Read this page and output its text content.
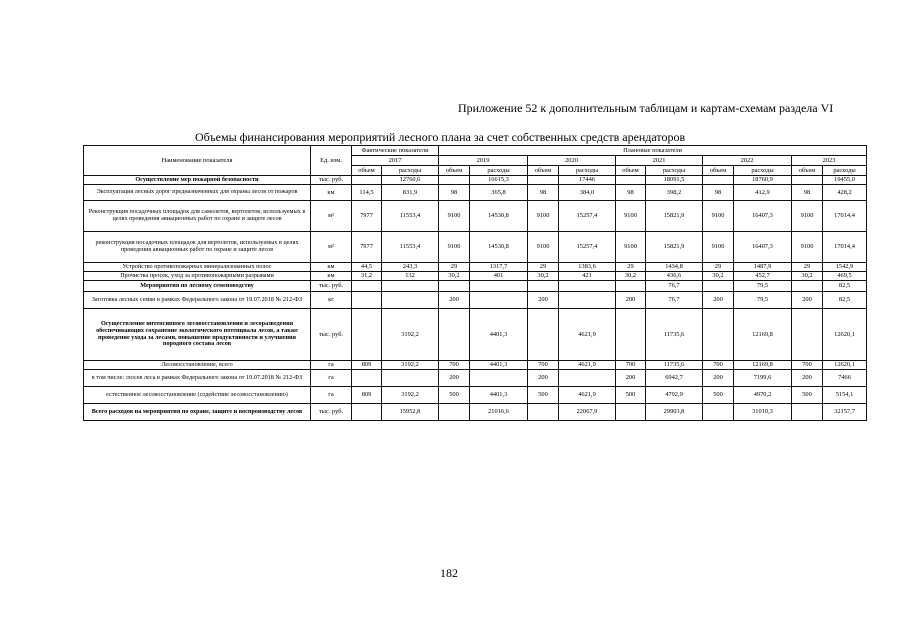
Приложение 52 к дополнительным таблицам и картам-схемам раздела VI
Объемы финансирования мероприятий лесного плана за счет собственных средств арендаторов
Наименование показателя	Ед. изм.	Фактические показатели		Плановые показатели									
		2017		2019		2020		2021		2022		2023	
		объем	расходы	объем	расходы	объем	расходы	объем	расходы	объем	расходы	объем	расходы
Осуществление мер пожарной безопасности	тыс. руб.		12760,6		16615,3		17446		18091,5		18760,9		19455,0
Эксплуатация лесных дорог предназначенных для охраны лесов от пожаров	км	114,5	831,9	98	365,8	98	384,0	98	398,2	98	412,9	98	428,2
Реконструкция посадочных площадок для самолетов, вертолетов, используемых в целях проведения авиационных работ по охране и защите лесов	м²	7977	11553,4	9100	14530,8	9100	15257,4	9100	15821,9	9100	16407,3	9100	17014,4
реконструкция посадочных площадок для вертолетов, используемых в целях проведения авиационных работ по охране и защите лесов	м²	7977	11553,4	9100	14530,8	9100	15257,4	9100	15821,9	9100	16407,3	9100	17014,4
Устройство противопожарных минерализованных полос	км	44,5	243,3	29	1317,7	29	1383,6	29	1434,8	29	1487,9	29	1542,9
Прочистка просек, уход за противопожарными разрывами	км	31,2	132	30,2	401	30,2	421	30,2	436,6	30,2	452,7	30,2	469,5
Мероприятия по лесному семеноводству	тыс. руб.								76,7		79,5		82,5
Заготовка лесных семян в рамках Федерального закона от 19.07.2018 № 212-ФЗ	кг			200		200		200	76,7	200	79,5	200	82,5
Осуществление интенсивного лесовосстановления и лесоразведения обеспечивающих сохранение экологического потенциала лесов, а также проведение ухода за лесами, повышение продуктивности и улучшения породного состава лесов	тыс. руб.		3192,2		4401,3		4621,9		11735,6		12169,8		12620,1
Лесовосстановление, всего	га	809	3192,2	700	4401,3	700	4621,9	700	11735,6	700	12169,8	700	12620,1
в том числе: :посев леса в рамках Федерального закона от 19.07.2018 № 212-ФЗ	га			200		200		200	6942,7	200	7199,6	200	7466
естественное лесовосстановление (содействие лесовосстановлению)	га	809	3192,2	500	4401,3	500	4621,9	500	4792,9	500	4970,2	500	5154,1
Всего расходов на мероприятия по охране, защите и воспроизводству лесов	тыс. руб.		15952,8		21016,6		22067,9		29903,8		31010,3		32157,7
182
